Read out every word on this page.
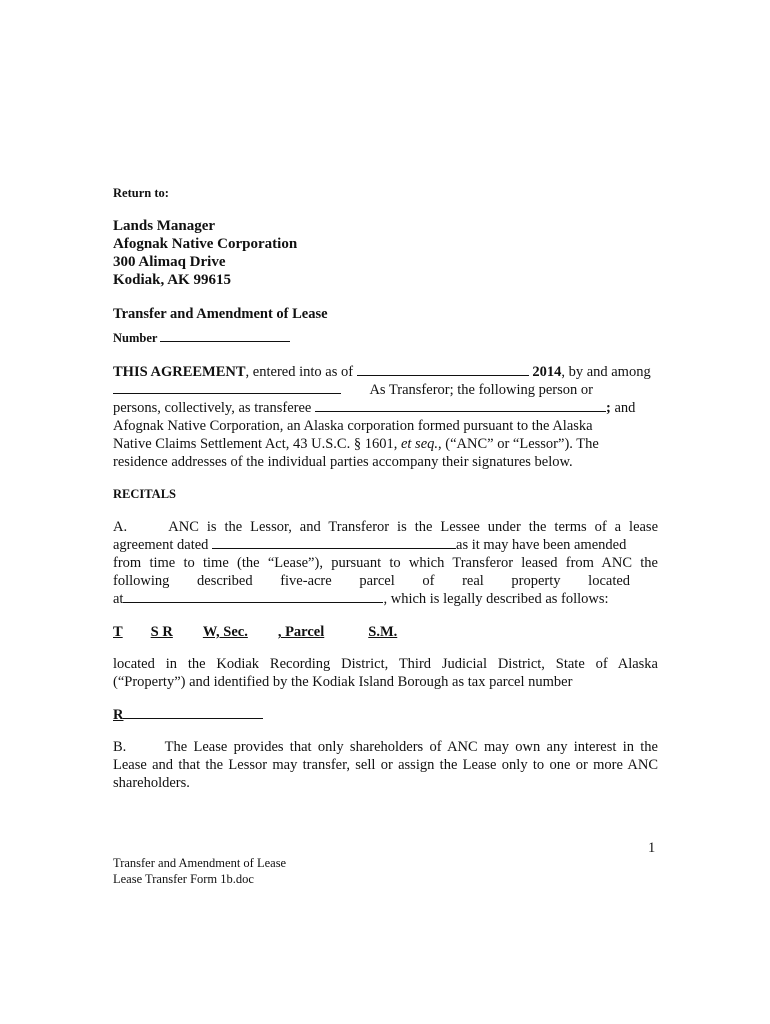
Return to:
Lands Manager
Afognak Native Corporation
300 Alimaq Drive
Kodiak, AK 99615
Transfer and Amendment of Lease
Number
THIS AGREEMENT, entered into as of	2014, by and among
As Transferor; the following person or
persons, collectively, as transferee	; and
Afognak Native Corporation, an Alaska corporation formed pursuant to the Alaska
Native Claims Settlement Act, 43 U.S.C. § 1601, et seq., (“ANC” or “Lessor”). The
residence addresses of the individual parties accompany their signatures below.
RECITALS
A.	ANC is the Lessor, and Transferor is the Lessee under the terms of a lease
agreement dated	as it may have been amended
from time to time (the “Lease”), pursuant to which Transferor leased from ANC the
following described five-acre parcel of real property located
at	, which is legally described as follows:
T S R W, Sec. , Parcel	S.M.
located in the Kodiak Recording District, Third Judicial District, State of Alaska
(“Property”) and identified by the Kodiak Island Borough as tax parcel number
R
B.	The Lease provides that only shareholders of ANC may own any interest in the
Lease and that the Lessor may transfer, sell or assign the Lease only to one or more ANC
shareholders.
1
Transfer and Amendment of Lease
Lease Transfer Form 1b.doc
